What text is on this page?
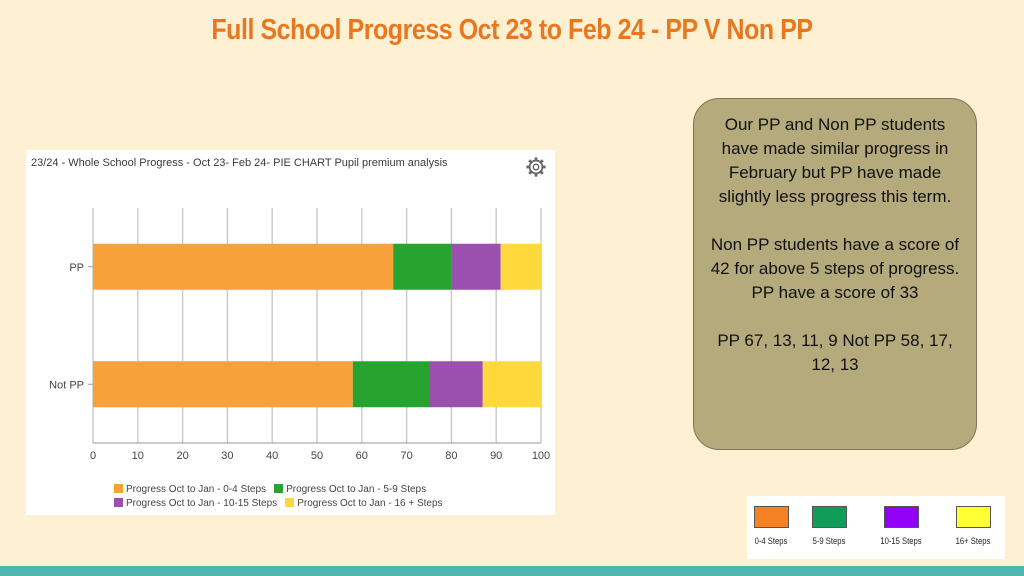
Full School Progress Oct 23 to Feb 24 - PP V Non PP
23/24 - Whole School Progress - Oct 23- Feb 24- PIE CHART Pupil premium analysis
0	10	20	30	40	50	60	70	80	90	100
PP
Not PP
Progress Oct to Jan - 0-4 Steps Progress Oct to Jan - 5-9 Steps
Progress Oct to Jan - 10-15 Steps Progress Oct to Jan - 16 + Steps

Our PP and Non PP students have made similar progress in February but PP have made slightly less progress this term.

Non PP students have a score of 42 for above 5 steps of progress. PP have a score of 33

PP 67, 13, 11, 9 Not PP 58, 17, 12, 13

0-4 Steps	5-9 Steps	10-15 Steps	16+ Steps
